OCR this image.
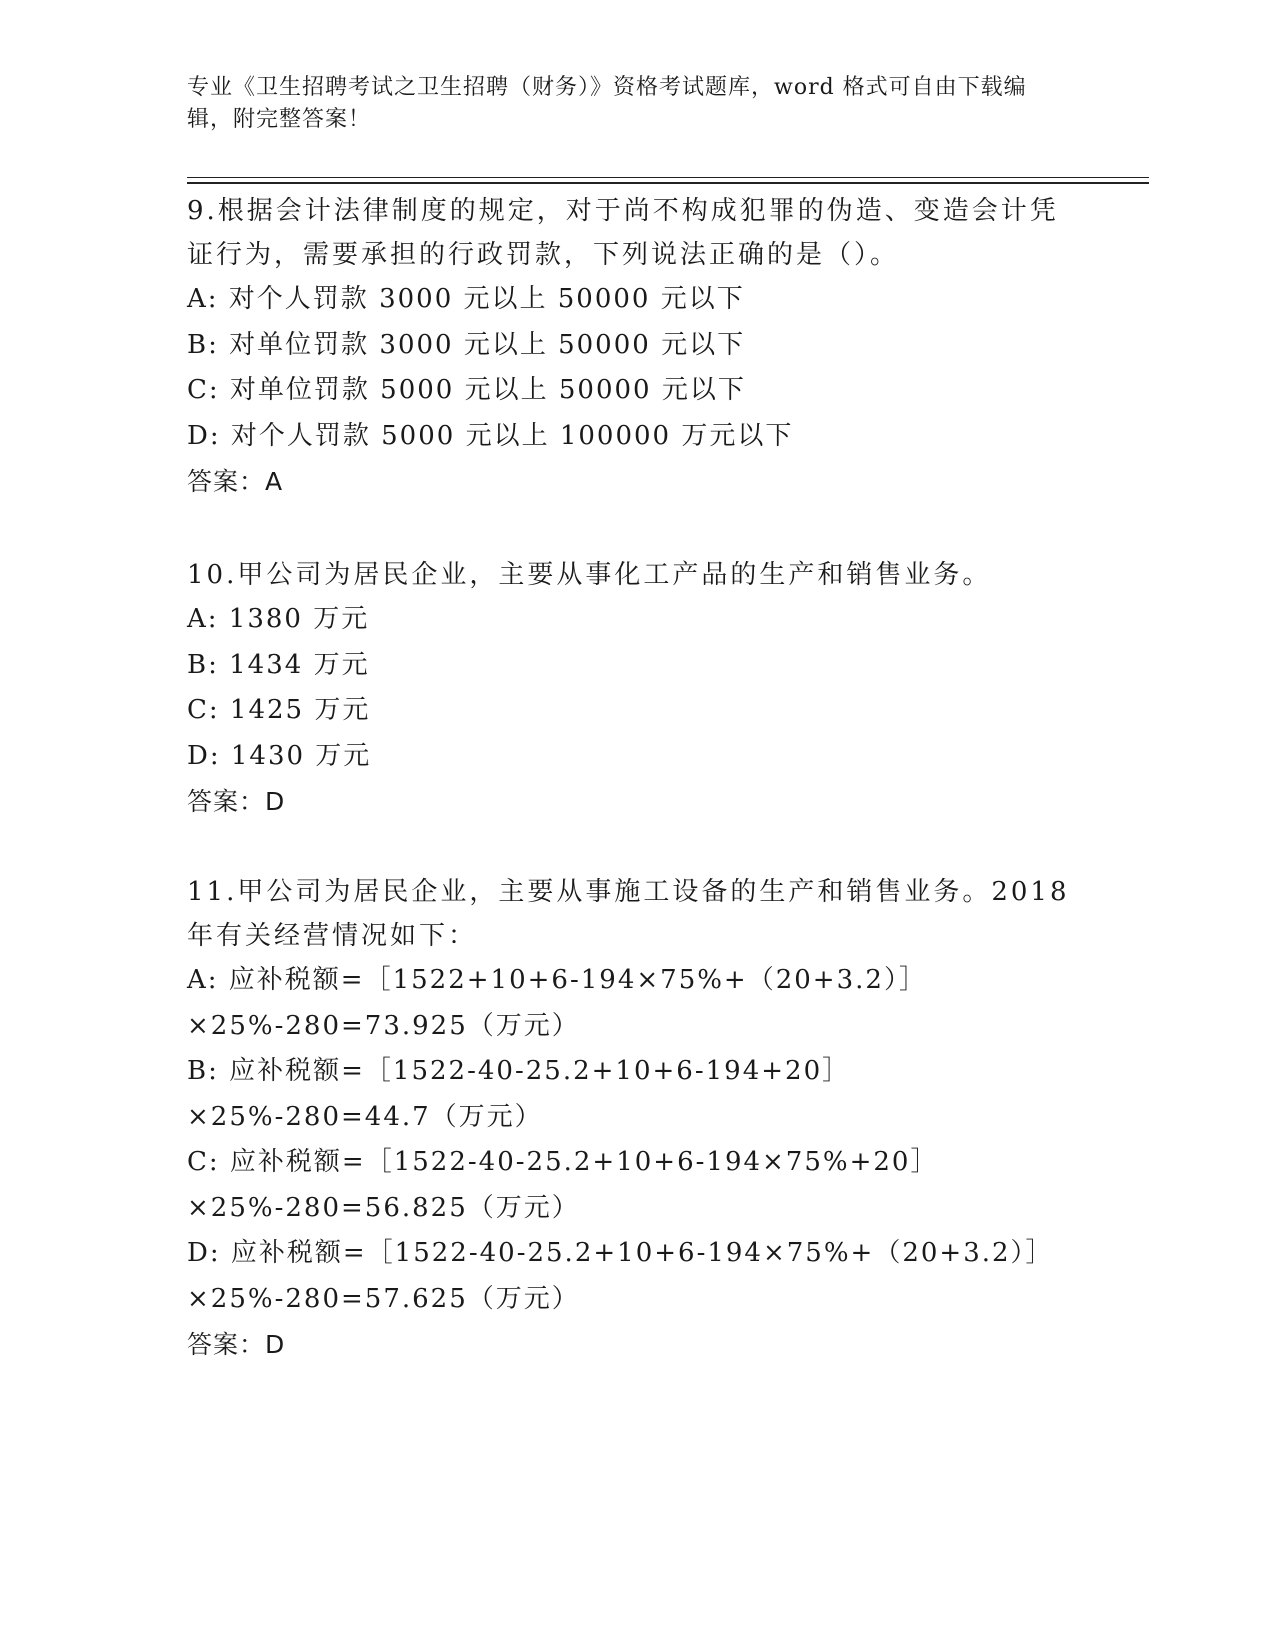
专业《卫生招聘考试之卫生招聘（财务）》资格考试题库，word 格式可自由下载编辑，附完整答案！
9.根据会计法律制度的规定，对于尚不构成犯罪的伪造、变造会计凭证行为，需要承担的行政罚款，下列说法正确的是（）。
A: 对个人罚款 3000 元以上 50000 元以下
B: 对单位罚款 3000 元以上 50000 元以下
C: 对单位罚款 5000 元以上 50000 元以下
D: 对个人罚款 5000 元以上 100000 万元以下
答案：A
10.甲公司为居民企业，主要从事化工产品的生产和销售业务。
A: 1380 万元
B: 1434 万元
C: 1425 万元
D: 1430 万元
答案：D
11.甲公司为居民企业，主要从事施工设备的生产和销售业务。2018 年有关经营情况如下：
A: 应补税额=［1522+10+6-194×75%+（20+3.2）］×25%-280=73.925（万元）
B: 应补税额=［1522-40-25.2+10+6-194+20］×25%-280=44.7（万元）
C: 应补税额=［1522-40-25.2+10+6-194×75%+20］×25%-280=56.825（万元）
D: 应补税额=［1522-40-25.2+10+6-194×75%+（20+3.2）］×25%-280=57.625（万元）
答案：D
